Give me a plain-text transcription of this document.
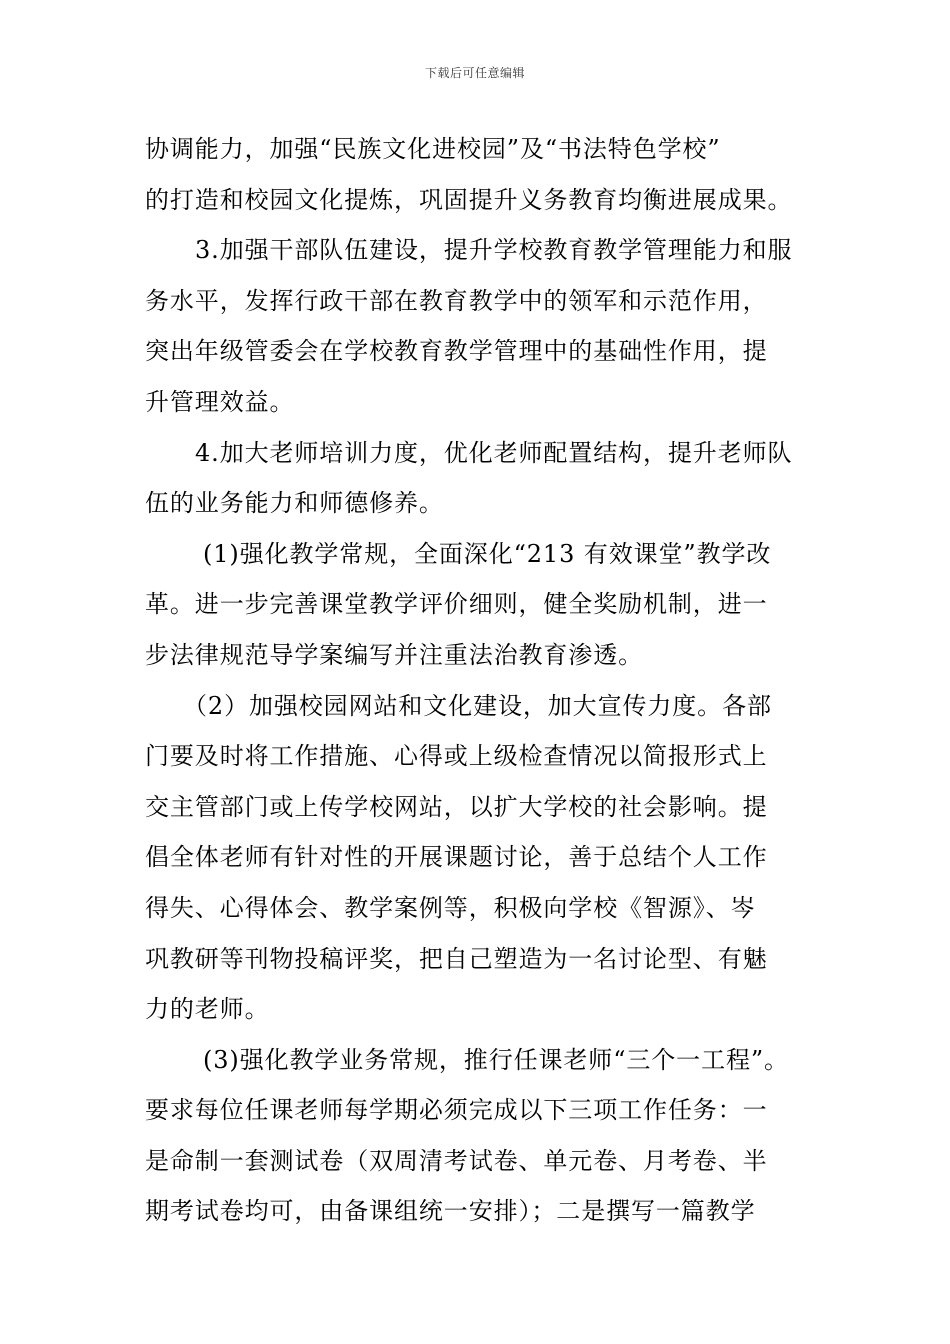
下载后可任意编辑
协调能力，加强“民族文化进校园”及“书法特色学校”
的打造和校园文化提炼，巩固提升义务教育均衡进展成果。
3.加强干部队伍建设，提升学校教育教学管理能力和服
务水平，发挥行政干部在教育教学中的领军和示范作用，
突出年级管委会在学校教育教学管理中的基础性作用，提
升管理效益。
4.加大老师培训力度，优化老师配置结构，提升老师队
伍的业务能力和师德修养。
(1)强化教学常规，全面深化“213 有效课堂”教学改
革。进一步完善课堂教学评价细则，健全奖励机制，进一
步法律规范导学案编写并注重法治教育渗透。
（2）加强校园网站和文化建设，加大宣传力度。各部
门要及时将工作措施、心得或上级检查情况以简报形式上
交主管部门或上传学校网站，以扩大学校的社会影响。提
倡全体老师有针对性的开展课题讨论，善于总结个人工作
得失、心得体会、教学案例等，积极向学校《智源》、岑
巩教研等刊物投稿评奖，把自己塑造为一名讨论型、有魅
力的老师。
(3)强化教学业务常规，推行任课老师“三个一工程”。
要求每位任课老师每学期必须完成以下三项工作任务：一
是命制一套测试卷（双周清考试卷、单元卷、月考卷、半
期考试卷均可，由备课组统一安排）；二是撰写一篇教学
